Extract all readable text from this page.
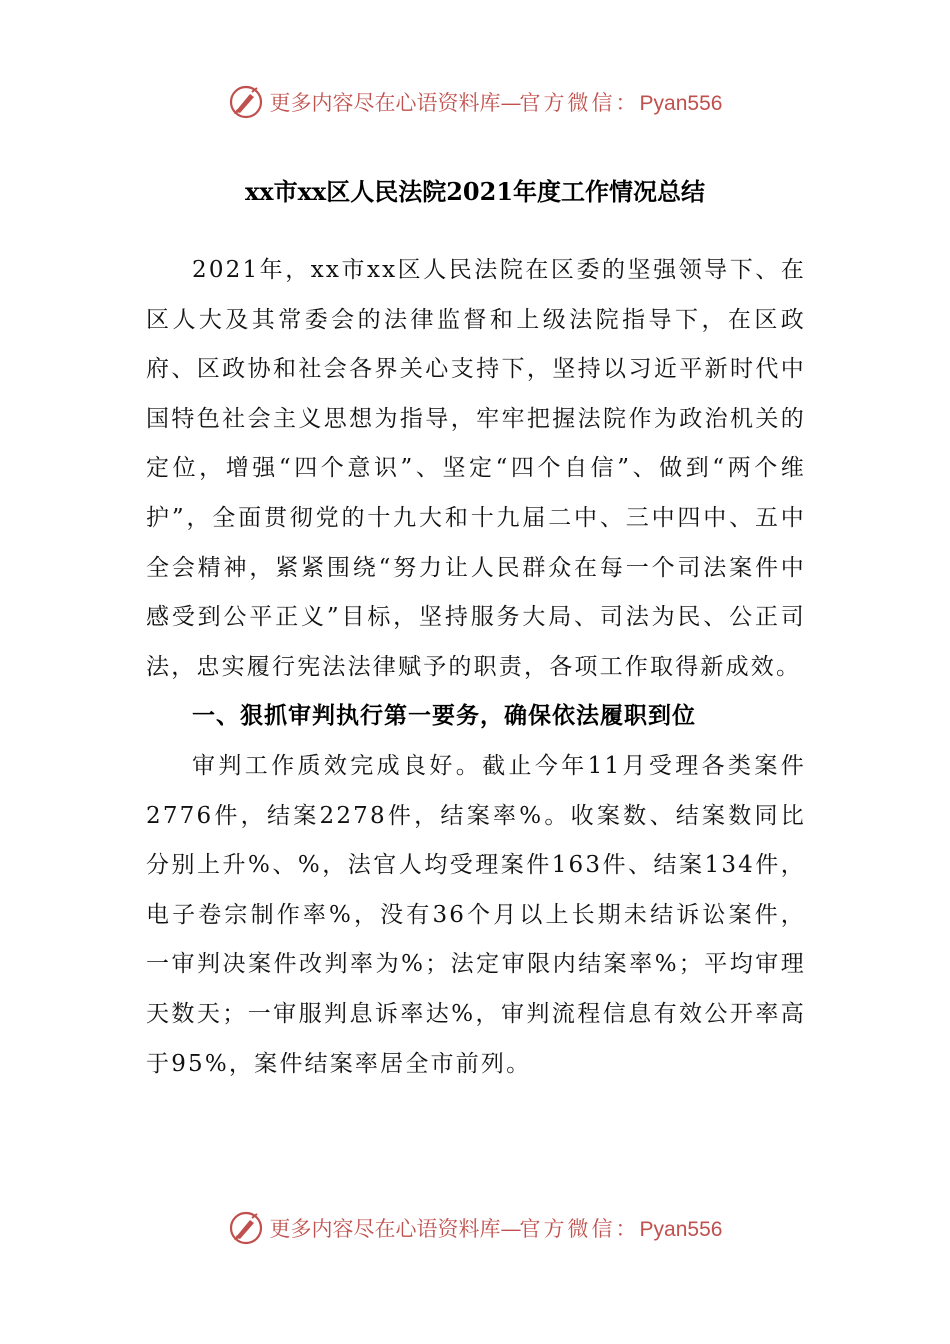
更多内容尽在心语资料库—官方微信：Pyan556
xx市xx区人民法院2021年度工作情况总结

2021年，xx市xx区人民法院在区委的坚强领导下、在区人大及其常委会的法律监督和上级法院指导下，在区政府、区政协和社会各界关心支持下，坚持以习近平新时代中国特色社会主义思想为指导，牢牢把握法院作为政治机关的定位，增强“四个意识”、坚定“四个自信”、做到“两个维护”，全面贯彻党的十九大和十九届二中、三中四中、五中全会精神，紧紧围绕“努力让人民群众在每一个司法案件中感受到公平正义”目标，坚持服务大局、司法为民、公正司法，忠实履行宪法法律赋予的职责，各项工作取得新成效。

一、狠抓审判执行第一要务，确保依法履职到位

审判工作质效完成良好。截止今年11月受理各类案件2776件，结案2278件，结案率%。收案数、结案数同比分别上升%、%，法官人均受理案件163件、结案134件，电子卷宗制作率%，没有36个月以上长期未结诉讼案件，一审判决案件改判率为%；法定审限内结案率%；平均审理天数天；一审服判息诉率达%，审判流程信息有效公开率高于95%，案件结案率居全市前列。

更多内容尽在心语资料库—官方微信：Pyan556
